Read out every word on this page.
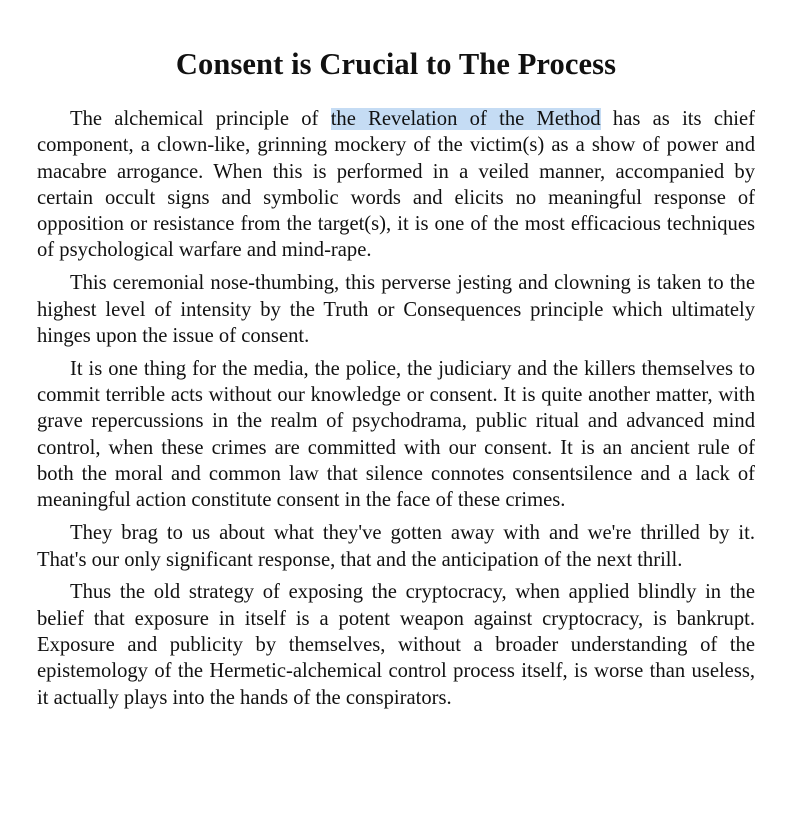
Consent is Crucial to The Process

The alchemical principle of the Revelation of the Method has as its chief component, a clown-like, grinning mockery of the victim(s) as a show of power and macabre arrogance. When this is performed in a veiled manner, accompanied by certain occult signs and symbolic words and elicits no meaningful response of opposition or resistance from the target(s), it is one of the most efficacious techniques of psychological warfare and mind-rape.

This ceremonial nose-thumbing, this perverse jesting and clowning is taken to the highest level of intensity by the Truth or Consequences principle which ultimately hinges upon the issue of consent.

It is one thing for the media, the police, the judiciary and the killers themselves to commit terrible acts without our knowledge or consent. It is quite another matter, with grave repercussions in the realm of psychodrama, public ritual and advanced mind control, when these crimes are committed with our consent. It is an ancient rule of both the moral and common law that silence connotes consentsilence and a lack of meaningful action constitute consent in the face of these crimes.

They brag to us about what they've gotten away with and we're thrilled by it. That's our only significant response, that and the anticipation of the next thrill.

Thus the old strategy of exposing the cryptocracy, when applied blindly in the belief that exposure in itself is a potent weapon against cryptocracy, is bankrupt. Exposure and publicity by themselves, without a broader understanding of the epistemology of the Hermetic-alchemical control process itself, is worse than useless, it actually plays into the hands of the conspirators.
